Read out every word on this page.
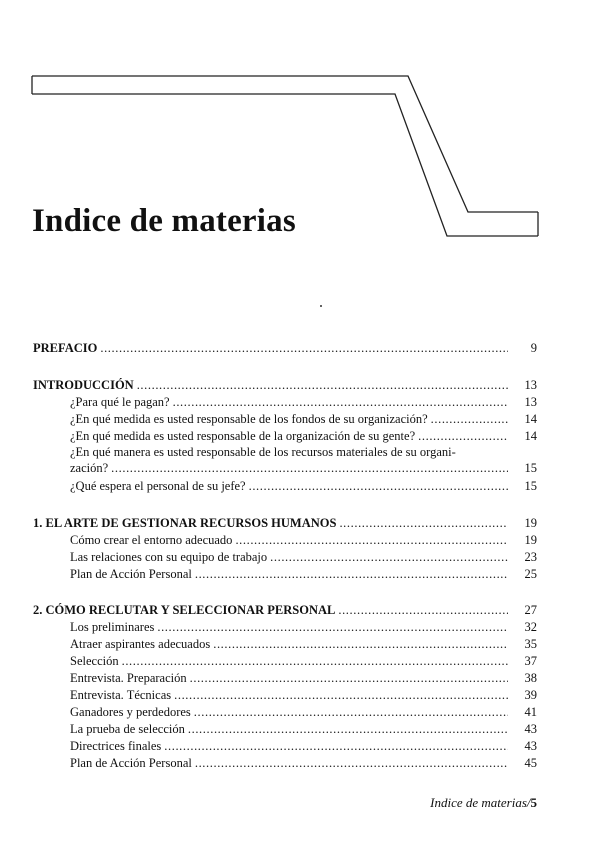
Indice de materias
PREFACIO .....	9
INTRODUCCIÓN .....	13
¿Para qué le pagan? .....	13
¿En qué medida es usted responsable de los fondos de su organización? .....	14
¿En qué medida es usted responsable de la organización de su gente? .....	14
¿En qué manera es usted responsable de los recursos materiales de su organi-
zación? .....	15
¿Qué espera el personal de su jefe? .....	15
1. EL ARTE DE GESTIONAR RECURSOS HUMANOS .....	19
Cómo crear el entorno adecuado .....	19
Las relaciones con su equipo de trabajo .....	23
Plan de Acción Personal .....	25
2. CÓMO RECLUTAR Y SELECCIONAR PERSONAL .....	27
Los preliminares .....	32
Atraer aspirantes adecuados .....	35
Selección .....	37
Entrevista. Preparación .....	38
Entrevista. Técnicas .....	39
Ganadores y perdedores .....	41
La prueba de selección .....	43
Directrices finales .....	43
Plan de Acción Personal .....	45
Indice de materias/5
